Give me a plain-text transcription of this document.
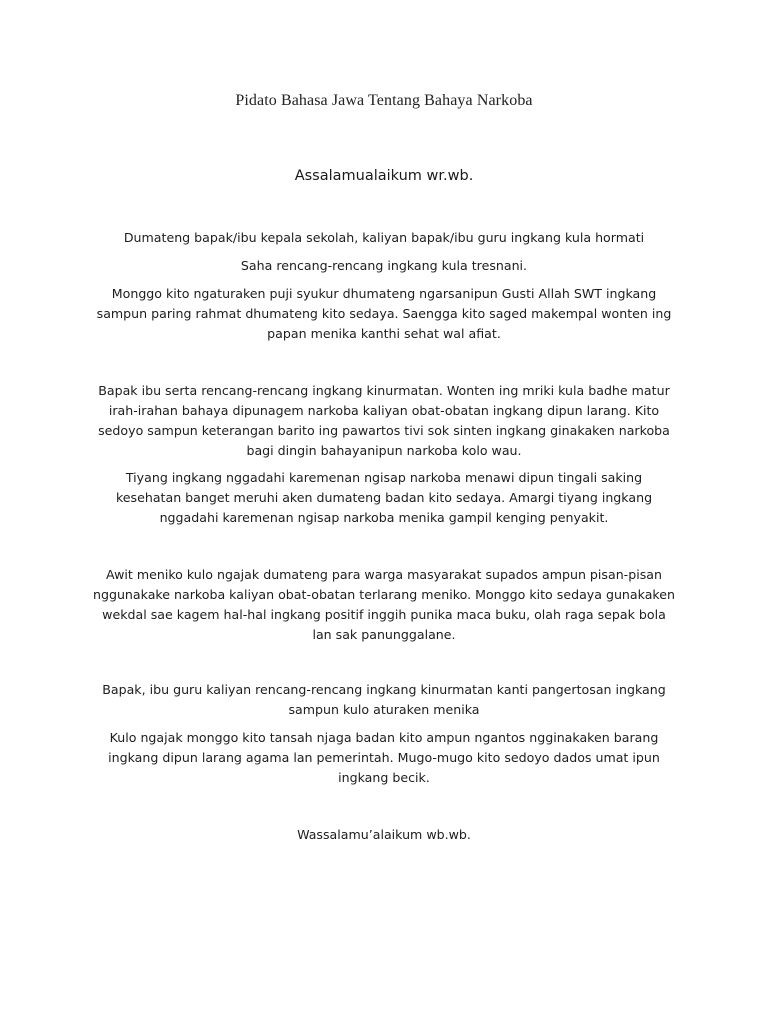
Pidato Bahasa Jawa Tentang Bahaya Narkoba
Assalamualaikum wr.wb.
Dumateng bapak/ibu kepala sekolah, kaliyan bapak/ibu guru ingkang kula hormati
Saha rencang-rencang ingkang kula tresnani.
Monggo kito ngaturaken puji syukur dhumateng ngarsanipun Gusti Allah SWT ingkang sampun paring rahmat dhumateng kito sedaya. Saengga kito saged makempal wonten ing papan menika kanthi sehat wal afiat.
Bapak ibu serta rencang-rencang ingkang kinurmatan. Wonten ing mriki kula badhe matur irah-irahan bahaya dipunagem narkoba kaliyan obat-obatan ingkang dipun larang. Kito sedoyo sampun keterangan barito ing pawartos tivi sok sinten ingkang ginakaken narkoba bagi dingin bahayanipun narkoba kolo wau.
Tiyang ingkang nggadahi karemenan ngisap narkoba menawi dipun tingali saking kesehatan banget meruhi aken dumateng badan kito sedaya. Amargi tiyang ingkang nggadahi karemenan ngisap narkoba menika gampil kenging penyakit.
Awit meniko kulo ngajak dumateng para warga masyarakat supados ampun pisan-pisan nggunakake narkoba kaliyan obat-obatan terlarang meniko. Monggo kito sedaya gunakaken wekdal sae kagem hal-hal ingkang positif inggih punika maca buku, olah raga sepak bola lan sak panunggalane.
Bapak, ibu guru kaliyan rencang-rencang ingkang kinurmatan kanti pangertosan ingkang sampun kulo aturaken menika
Kulo ngajak monggo kito tansah njaga badan kito ampun ngantos ngginakaken barang ingkang dipun larang agama lan pemerintah. Mugo-mugo kito sedoyo dados umat ipun ingkang becik.
Wassalamu’alaikum wb.wb.
